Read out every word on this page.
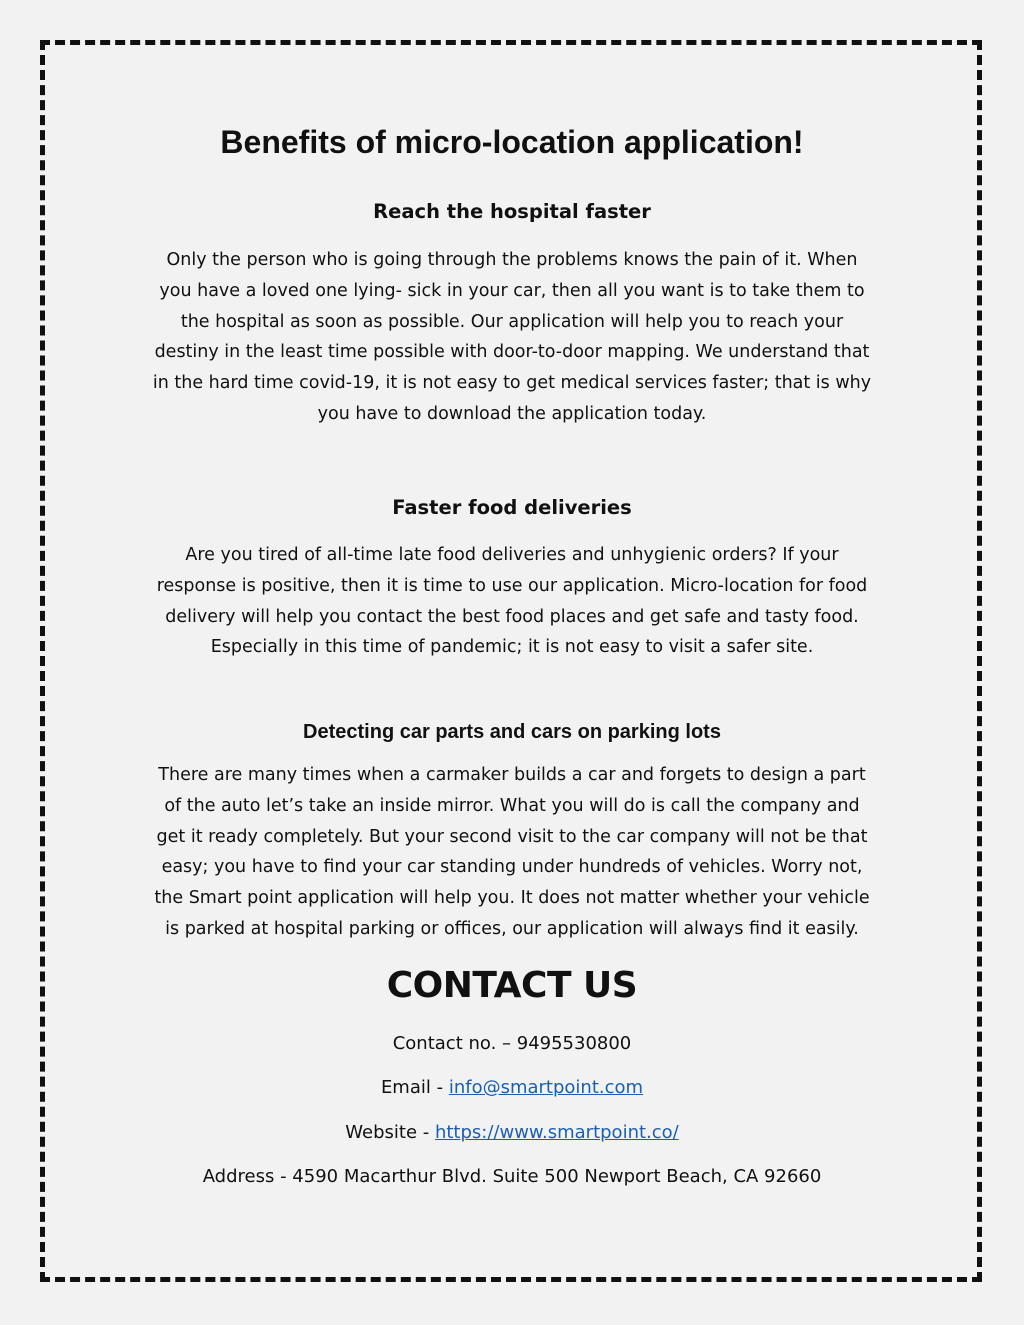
Benefits of micro-location application!
Reach the hospital faster
Only the person who is going through the problems knows the pain of it. When
you have a loved one lying- sick in your car, then all you want is to take them to
the hospital as soon as possible. Our application will help you to reach your
destiny in the least time possible with door-to-door mapping. We understand that
in the hard time covid-19, it is not easy to get medical services faster; that is why
you have to download the application today.
Faster food deliveries
Are you tired of all-time late food deliveries and unhygienic orders? If your
response is positive, then it is time to use our application. Micro-location for food
delivery will help you contact the best food places and get safe and tasty food.
Especially in this time of pandemic; it is not easy to visit a safer site.
Detecting car parts and cars on parking lots
There are many times when a carmaker builds a car and forgets to design a part
of the auto let’s take an inside mirror. What you will do is call the company and
get it ready completely. But your second visit to the car company will not be that
easy; you have to find your car standing under hundreds of vehicles. Worry not,
the Smart point application will help you. It does not matter whether your vehicle
is parked at hospital parking or offices, our application will always find it easily.
CONTACT US

Contact no. – 9495530800

Email - info@smartpoint.com

Website - https://www.smartpoint.co/

Address - 4590 Macarthur Blvd. Suite 500 Newport Beach, CA 92660
